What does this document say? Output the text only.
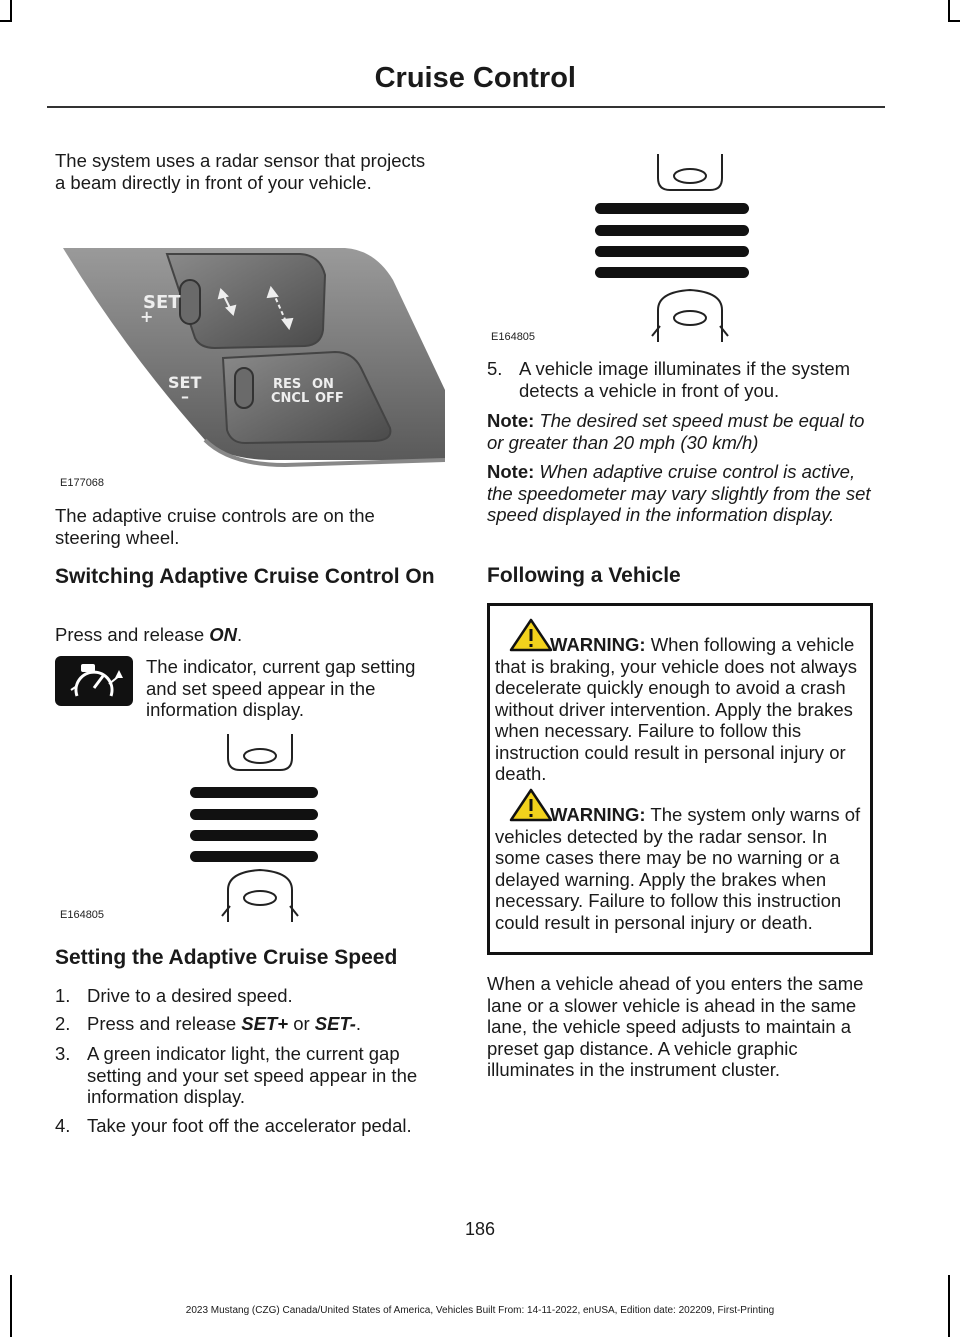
Cruise Control
The system uses a radar sensor that projects a beam directly in front of your vehicle.
SET
+
SET
–
RES ON
CNCL OFF
E177068
The adaptive cruise controls are on the steering wheel.
Switching Adaptive Cruise Control On
Press and release ON.
The indicator, current gap setting and set speed appear in the information display.
E164805
Setting the Adaptive Cruise Speed
1. Drive to a desired speed.
2. Press and release SET+ or SET-.
3. A green indicator light, the current gap setting and your set speed appear in the information display.
4. Take your foot off the accelerator pedal.
E164805
5. A vehicle image illuminates if the system detects a vehicle in front of you.
Note: The desired set speed must be equal to or greater than 20 mph (30 km/h)
Note: When adaptive cruise control is active, the speedometer may vary slightly from the set speed displayed in the information display.
Following a Vehicle
WARNING: When following a vehicle that is braking, your vehicle does not always decelerate quickly enough to avoid a crash without driver intervention. Apply the brakes when necessary. Failure to follow this instruction could result in personal injury or death.
WARNING: The system only warns of vehicles detected by the radar sensor. In some cases there may be no warning or a delayed warning. Apply the brakes when necessary. Failure to follow this instruction could result in personal injury or death.
When a vehicle ahead of you enters the same lane or a slower vehicle is ahead in the same lane, the vehicle speed adjusts to maintain a preset gap distance. A vehicle graphic illuminates in the instrument cluster.
186
2023 Mustang (CZG) Canada/United States of America, Vehicles Built From: 14-11-2022, enUSA, Edition date: 202209, First-Printing
